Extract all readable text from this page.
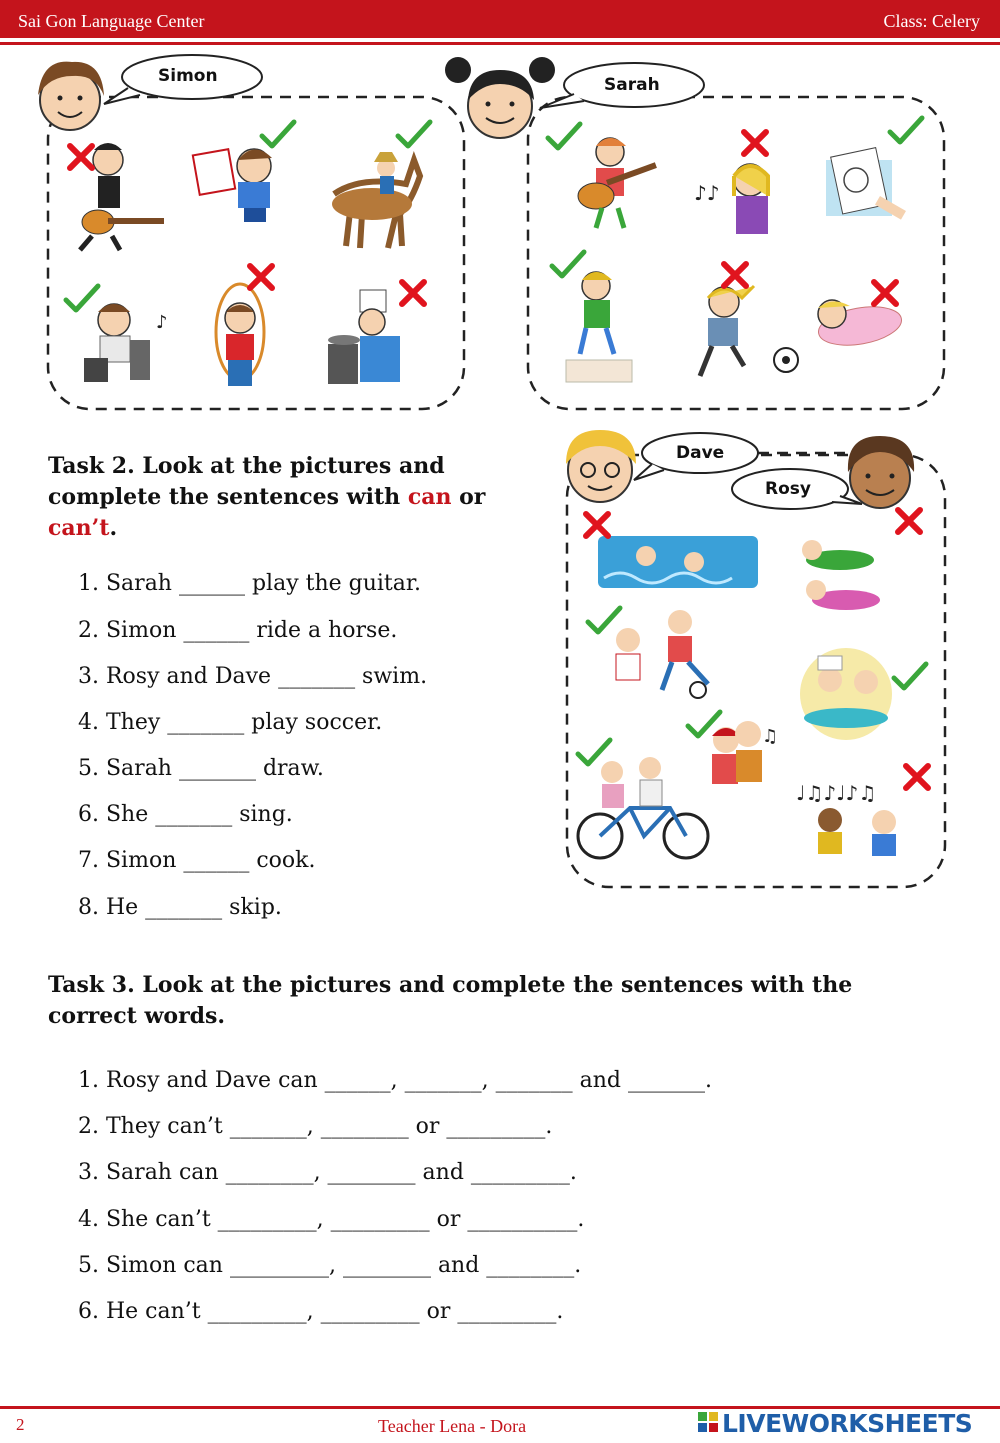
Sai Gon Language Center	Class: Celery
♪
♪♪
♫
♩♫♪♩♪♫
Simon	Sarah
Dave
Rosy
Task 2. Look at the pictures and
complete the sentences with can or
can’t.
1. Sarah ______ play the guitar.
2. Simon ______ ride a horse.
3. Rosy and Dave _______ swim.
4. They _______ play soccer.
5. Sarah _______ draw.
6. She _______ sing.
7. Simon ______ cook.
8. He _______ skip.
Task 3. Look at the pictures and complete the sentences with the
correct words.
1. Rosy and Dave can ______, _______, _______ and _______.
2. They can’t _______, ________ or _________.
3. Sarah can ________, ________ and _________.
4. She can’t _________, _________ or __________.
5. Simon can _________, ________ and ________.
6. He can’t _________, _________ or _________.
2	Teacher Lena - Dora	LIVEWORKSHEETS
